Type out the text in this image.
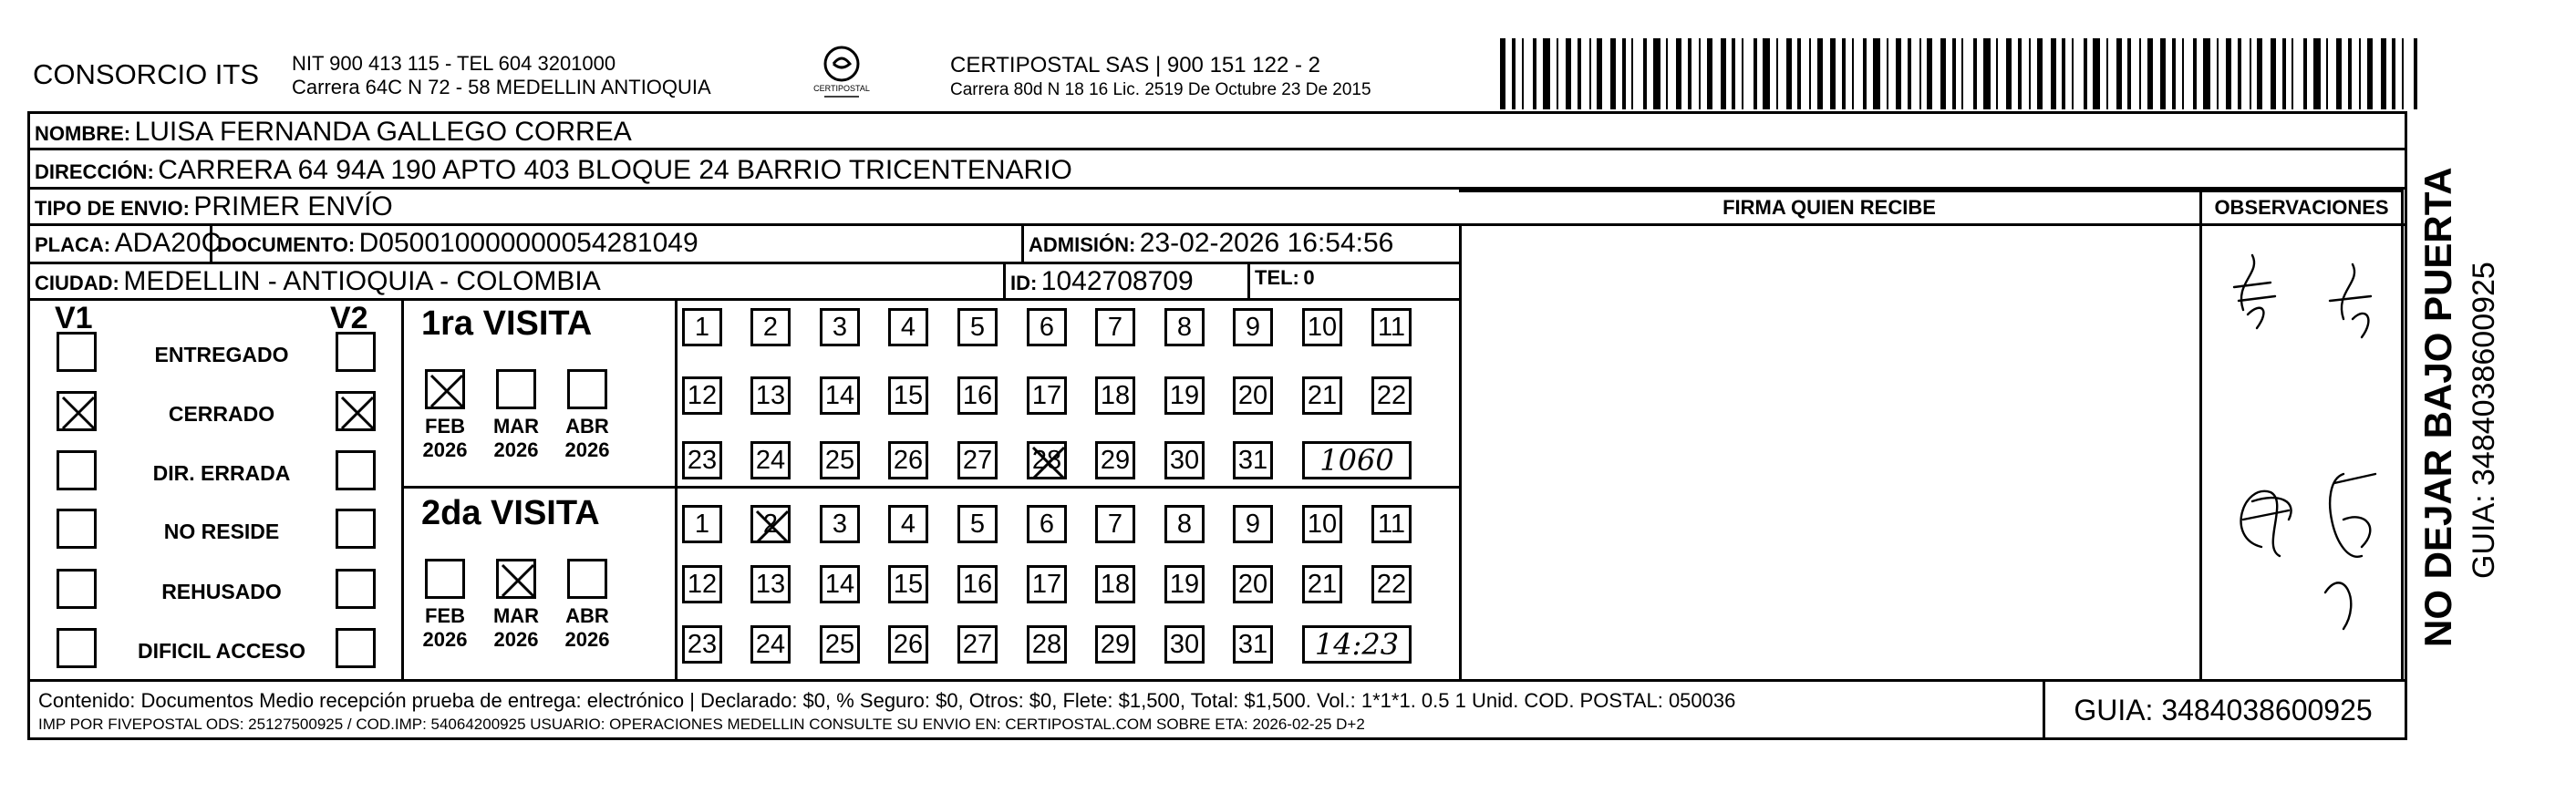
CONSORCIO ITS NIT 900 413 115 - TEL 604 3201000
Carrera 64C N 72 - 58 MEDELLIN ANTIOQUIA	CERTIPOSTAL
CERTIPOSTAL SAS | 900 151 122 - 2
Carrera 80d N 18 16 Lic. 2519 De Octubre 23 De 2015
NOMBRE: LUISA FERNANDA GALLEGO CORREA
DIRECCIÓN: CARRERA 64 94A 190 APTO 403 BLOQUE 24 BARRIO TRICENTENARIO
TIPO DE ENVIO: PRIMER ENVÍO	FIRMA QUIEN RECIBE	OBSERVACIONES
PLACA: ADA20C
DOCUMENTO: D050010000000054281049	ADMISIÓN: 23-02-2026 16:54:56
CIUDAD: MEDELLIN - ANTIOQUIA - COLOMBIA	ID: 1042708709	TEL: 0
V1	V2
ENTREGADO
CERRADO
DIR. ERRADA
NO RESIDE
REHUSADO
DIFICIL ACCESO
1ra VISITA
2da VISITA
FEB
2026
MAR
2026
ABR
2026
FEB
2026
MAR
2026
ABR
2026
1	2	3	4	5	6	7	8	9	10 11
12 13 14 15 16 17 18 19 20 21 22
23 24 25 26 27 28 29 30 31	1060
1	2	3	4	5	6	7	8	9	10 11
12 13 14 15 16 17 18 19 20 21 22
23 24 25 26 27 28 29 30 31	14:23
Contenido: Documentos Medio recepción prueba de entrega: electrónico | Declarado: $0, % Seguro: $0, Otros: $0, Flete: $1,500, Total: $1,500. Vol.: 1*1*1. 0.5 1 Unid. COD. POSTAL: 050036
IMP POR FIVEPOSTAL ODS: 25127500925 / COD.IMP: 54064200925 USUARIO: OPERACIONES MEDELLIN CONSULTE SU ENVIO EN: CERTIPOSTAL.COM SOBRE ETA: 2026-02-25 D+2	GUIA: 3484038600925
NO DEJAR BAJO PUERTA GUIA: 3484038600925
